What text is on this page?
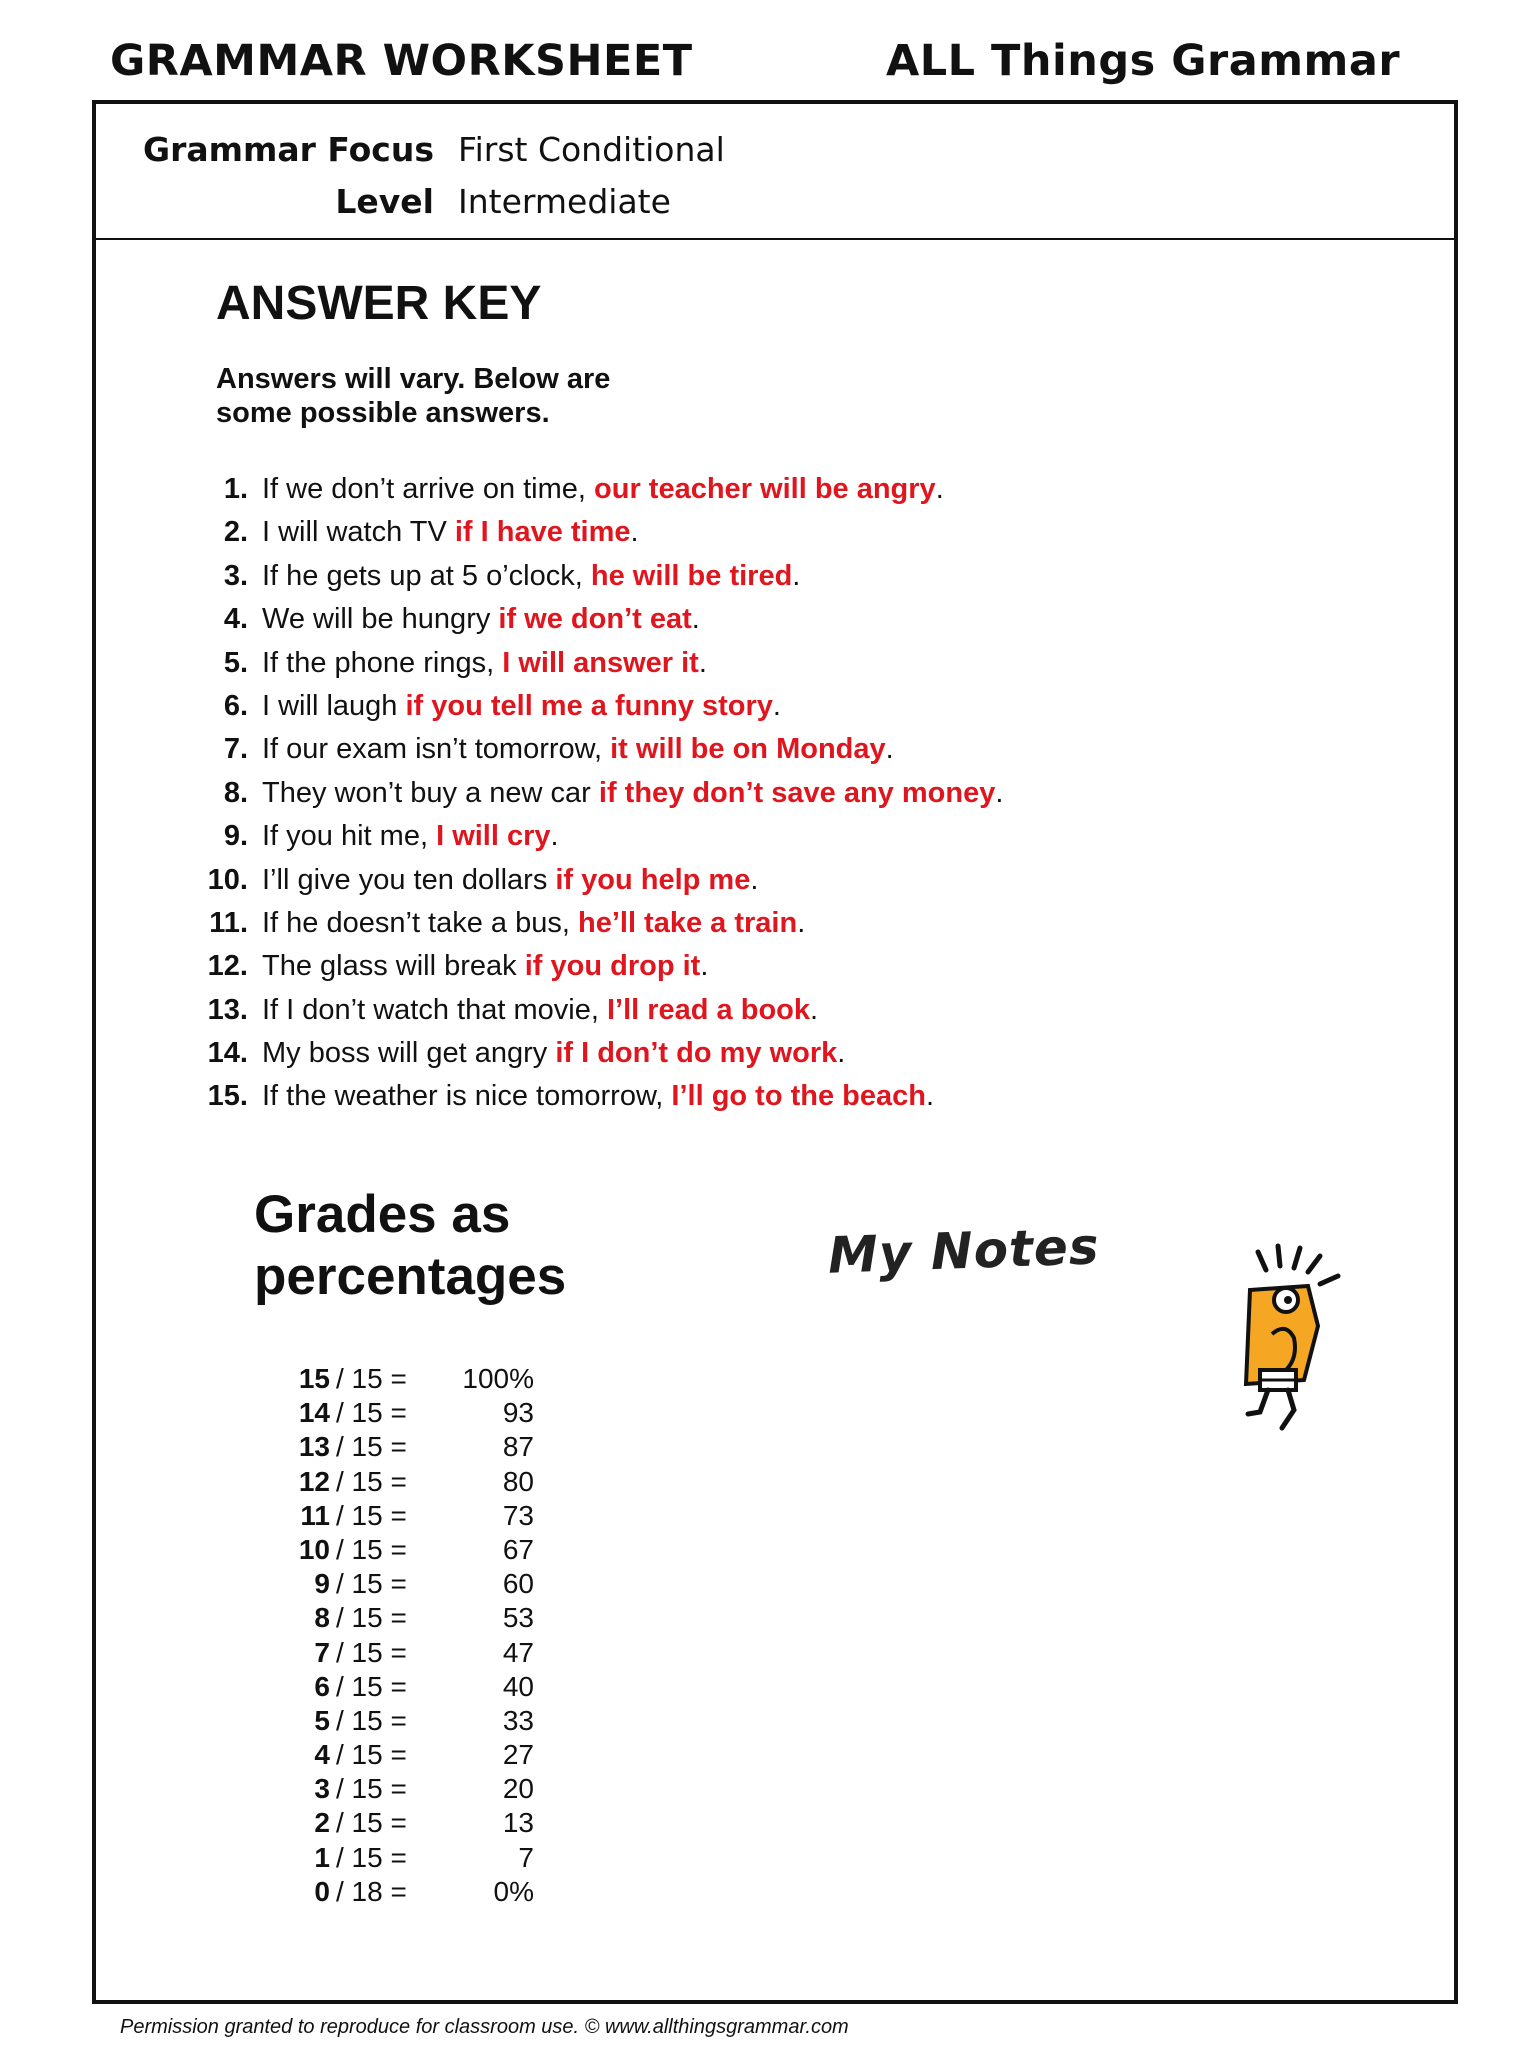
GRAMMAR WORKSHEET	ALL Things Grammar
Grammar Focus First Conditional
Level Intermediate
ANSWER KEY
Answers will vary. Below are
some possible answers.
1. If we don’t arrive on time, our teacher will be angry.
2. I will watch TV if I have time.
3. If he gets up at 5 o’clock, he will be tired.
4. We will be hungry if we don’t eat.
5. If the phone rings, I will answer it.
6. I will laugh if you tell me a funny story.
7. If our exam isn’t tomorrow, it will be on Monday.
8. They won’t buy a new car if they don’t save any money.
9. If you hit me, I will cry.
10. I’ll give you ten dollars if you help me.
11. If he doesn’t take a bus, he’ll take a train.
12. The glass will break if you drop it.
13. If I don’t watch that movie, I’ll read a book.
14. My boss will get angry if I don’t do my work.
15. If the weather is nice tomorrow, I’ll go to the beach.
Grades as
percentages
15 / 15 = 100%
14 / 15 =	93
13 / 15 =	87
12 / 15 =	80
11 / 15 =	73
10 / 15 =	67
9 / 15 =	60
8 / 15 =	53
7 / 15 =	47
6 / 15 =	40
5 / 15 =	33
4 / 15 =	27
3 / 15 =	20
2 / 15 =	13
1 / 15 =	7
0 / 18 =	0%
My Notes
Permission granted to reproduce for classroom use. © www.allthingsgrammar.com
